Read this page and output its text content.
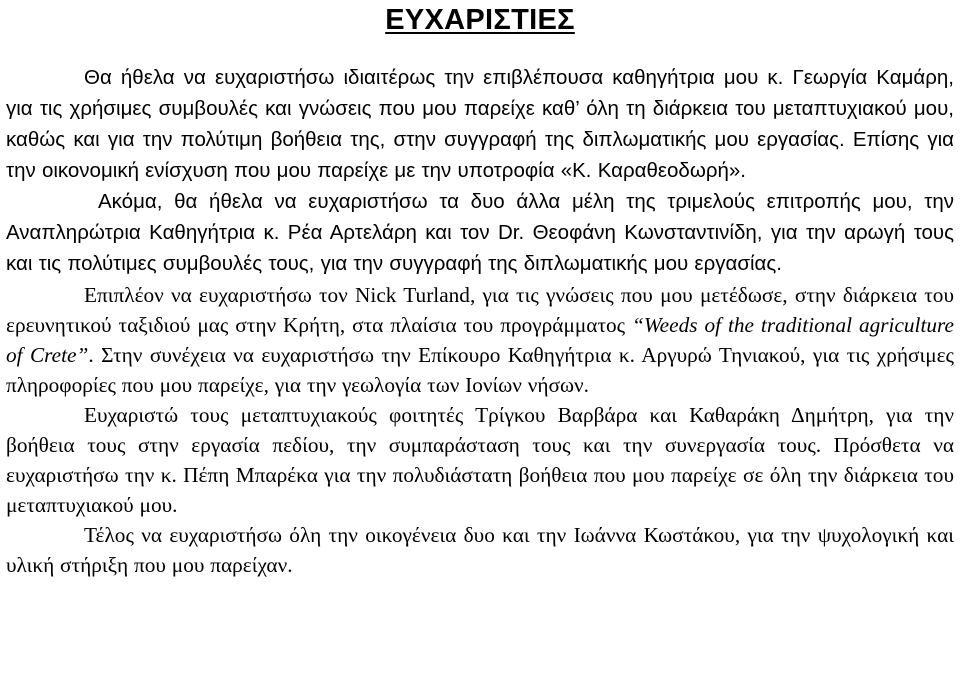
ΕΥΧΑΡΙΣΤΙΕΣ

Θα ήθελα να ευχαριστήσω ιδιαιτέρως την επιβλέπουσα καθηγήτρια μου κ. Γεωργία Καμάρη, για τις χρήσιμες συμβουλές και γνώσεις που μου παρείχε καθ’ όλη τη διάρκεια του μεταπτυχιακού μου, καθώς και για την πολύτιμη βοήθεια της, στην συγγραφή της διπλωματικής μου εργασίας. Επίσης για την οικονομική ενίσχυση που μου παρείχε με την υποτροφία «Κ. Καραθεοδωρή».

Ακόμα, θα ήθελα να ευχαριστήσω τα δυο άλλα μέλη της τριμελούς επιτροπής μου, την Αναπληρώτρια Καθηγήτρια κ. Ρέα Αρτελάρη και τον Dr. Θεοφάνη Κωνσταντινίδη, για την αρωγή τους και τις πολύτιμες συμβουλές τους, για την συγγραφή της διπλωματικής μου εργασίας.

Επιπλέον να ευχαριστήσω τον Nick Turland, για τις γνώσεις που μου μετέδωσε, στην διάρκεια του ερευνητικού ταξιδιού μας στην Κρήτη, στα πλαίσια του προγράμματος “Weeds of the traditional agriculture of Crete”. Στην συνέχεια να ευχαριστήσω την Επίκουρο Καθηγήτρια κ. Αργυρώ Τηνιακού, για τις χρήσιμες πληροφορίες που μου παρείχε, για την γεωλογία των Ιονίων νήσων.

Ευχαριστώ τους μεταπτυχιακούς φοιτητές Τρίγκου Βαρβάρα και Καθαράκη Δημήτρη, για την βοήθεια τους στην εργασία πεδίου, την συμπαράσταση τους και την συνεργασία τους. Πρόσθετα να ευχαριστήσω την κ. Πέπη Μπαρέκα για την πολυδιάστατη βοήθεια που μου παρείχε σε όλη την διάρκεια του μεταπτυχιακού μου.

Τέλος να ευχαριστήσω όλη την οικογένεια δυο και την Ιωάννα Κωστάκου, για την ψυχολογική και υλική στήριξη που μου παρείχαν.
